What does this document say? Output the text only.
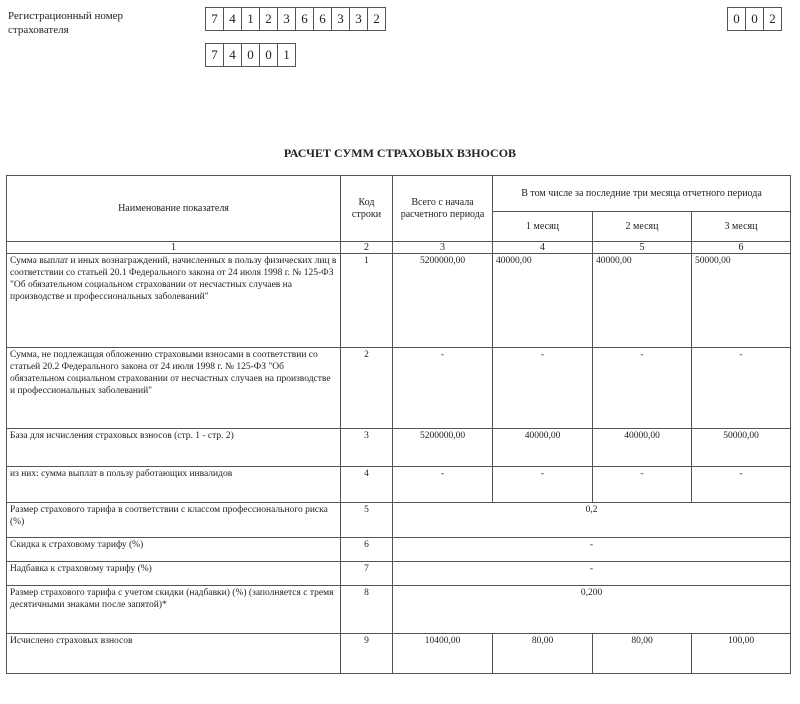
Регистрационный номер страхователя
7 4 1 2 3 6 6 3 3 2
7 4 0 0 1
0 0 2
РАСЧЕТ СУММ СТРАХОВЫХ ВЗНОСОВ
Наименование показателя	Код строки	Всего с начала расчетного периода	В том числе за последние три месяца отчетного периода		
			1 месяц	2 месяц	3 месяц
1	2	3	4	5	6
Сумма выплат и иных вознаграждений, начисленных в пользу физических лиц в соответствии со статьей 20.1 Федерального закона от 24 июля 1998 г. № 125-ФЗ "Об обязательном социальном страховании от несчастных случаев на производстве и профессиональных заболеваний"	1	5200000,00	40000,00	40000,00	50000,00
Сумма, не подлежащая обложению страховыми взносами в соответствии со статьей 20.2 Федерального закона от 24 июля 1998 г. № 125-ФЗ "Об обязательном социальном страховании от несчастных случаев на производстве и профессиональных заболеваний"	2	-	-	-	-
База для исчисления страховых взносов (стр. 1 - стр. 2)	3	5200000,00	40000,00	40000,00	50000,00
из них: сумма выплат в пользу работающих инвалидов	4	-	-	-	-
Размер страхового тарифа в соответствии с классом профессионального риска (%)	5	0,2			
Скидка к страховому тарифу (%)	6	-			
Надбавка к страховому тарифу (%)	7	-			
Размер страхового тарифа с учетом скидки (надбавки) (%) (заполняется с тремя десятичными знаками после запятой)*	8	0,200			
Исчислено страховых взносов	9	10400,00	80,00	80,00	100,00
